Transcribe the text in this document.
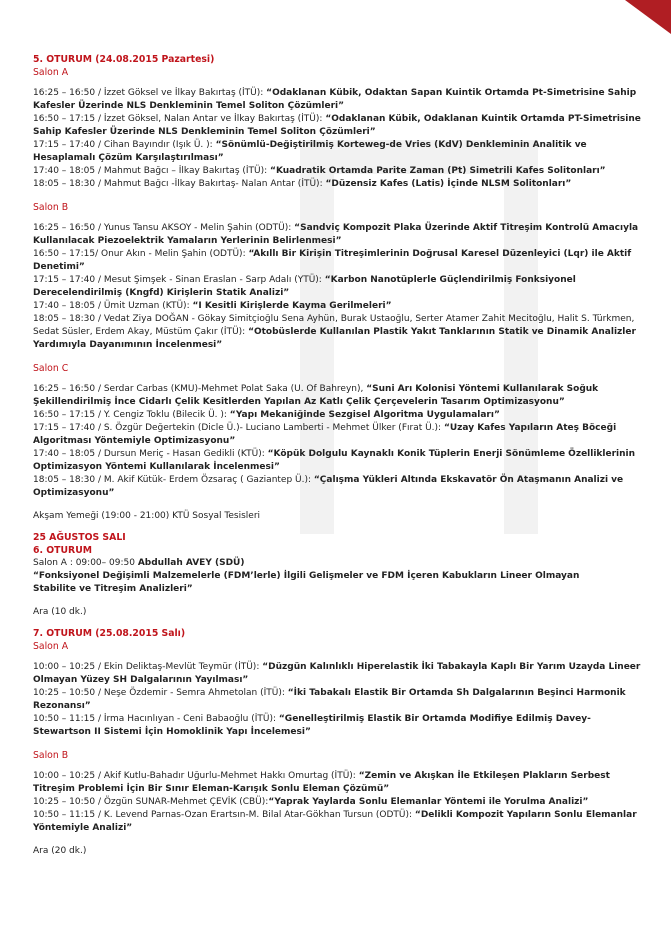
5. OTURUM (24.08.2015 Pazartesi)

Salon A

16:25 – 16:50 / İzzet Göksel ve İlkay Bakırtaş (İTÜ): “Odaklanan Kübik, Odaktan Sapan Kuintik Ortamda Pt-Simetrisine Sahip Kafesler Üzerinde NLS Denkleminin Temel Soliton Çözümleri”

16:50 – 17:15 / İzzet Göksel, Nalan Antar ve İlkay Bakırtaş (İTÜ): “Odaklanan Kübik, Odaklanan Kuintik Ortamda PT-Simetrisine Sahip Kafesler Üzerinde NLS Denkleminin Temel Soliton Çözümleri”

17:15 – 17:40 / Cihan Bayındır (Işık Ü. ): “Sönümlü-Değiştirilmiş Korteweg-de Vries (KdV) Denkleminin Analitik ve Hesaplamalı Çözüm Karşılaştırılması”

17:40 – 18:05 / Mahmut Bağcı – İlkay Bakırtaş (İTÜ): “Kuadratik Ortamda Parite Zaman (Pt) Simetrili Kafes Solitonları”

18:05 – 18:30 / Mahmut Bağcı -İlkay Bakırtaş- Nalan Antar (İTÜ): “Düzensiz Kafes (Latis) İçinde NLSM Solitonları”

Salon B

16:25 – 16:50 / Yunus Tansu AKSOY - Melin Şahin (ODTÜ): “Sandviç Kompozit Plaka Üzerinde Aktif Titreşim Kontrolü Amacıyla Kullanılacak Piezoelektrik Yamaların Yerlerinin Belirlenmesi”

16:50 – 17:15/ Onur Akın - Melin Şahin (ODTÜ): “Akıllı Bir Kirişin Titreşimlerinin Doğrusal Karesel Düzenleyici (Lqr) ile Aktif Denetimi”

17:15 – 17:40 / Mesut Şimşek - Sinan Eraslan - Sarp Adalı (YTÜ): “Karbon Nanotüplerle Güçlendirilmiş Fonksiyonel Derecelendirilmiş (Kngfd) Kirişlerin Statik Analizi”

17:40 – 18:05 / Ümit Uzman (KTÜ): “I Kesitli Kirişlerde Kayma Gerilmeleri”

18:05 – 18:30 / Vedat Ziya DOĞAN - Gökay Simitçioğlu Sena Ayhün, Burak Ustaoğlu, Serter Atamer Zahit Mecitoğlu, Halit S. Türkmen, Sedat Süsler, Erdem Akay, Müstüm Çakır (İTÜ): “Otobüslerde Kullanılan Plastik Yakıt Tanklarının Statik ve Dinamik Analizler Yardımıyla Dayanımının İncelenmesi”

Salon C

16:25 – 16:50 / Serdar Carbas (KMU)-Mehmet Polat Saka (U. Of Bahreyn), “Suni Arı Kolonisi Yöntemi Kullanılarak Soğuk Şekillendirilmiş İnce Cidarlı Çelik Kesitlerden Yapılan Az Katlı Çelik Çerçevelerin Tasarım Optimizasyonu”

16:50 – 17:15 / Y. Cengiz Toklu (Bilecik Ü. ): “Yapı Mekaniğinde Sezgisel Algoritma Uygulamaları”

17:15 – 17:40 / S. Özgür Değertekin (Dicle Ü.)- Luciano Lamberti - Mehmet Ülker (Fırat Ü.): “Uzay Kafes Yapıların Ateş Böceği Algoritması Yöntemiyle Optimizasyonu”

17:40 – 18:05 / Dursun Meriç - Hasan Gedikli (KTÜ): “Köpük Dolgulu Kaynaklı Konik Tüplerin Enerji Sönümleme Özelliklerinin Optimizasyon Yöntemi Kullanılarak İncelenmesi”

18:05 – 18:30 / M. Akif Kütük- Erdem Özsaraç ( Gaziantep Ü.): “Çalışma Yükleri Altında Ekskavatör Ön Ataşmanın Analizi ve Optimizasyonu”

Akşam Yemeği (19:00 - 21:00) KTÜ Sosyal Tesisleri

25 AĞUSTOS SALI

6. OTURUM

Salon A : 09:00– 09:50 Abdullah AVEY (SDÜ)

“Fonksiyonel Değişimli Malzemelerle (FDM’lerle) İlgili Gelişmeler ve FDM İçeren Kabukların Lineer Olmayan

Stabilite ve Titreşim Analizleri”

Ara (10 dk.)

7. OTURUM (25.08.2015 Salı)

Salon A

10:00 – 10:25 / Ekin Deliktaş-Mevlüt Teymür (İTÜ): “Düzgün Kalınlıklı Hiperelastik İki Tabakayla Kaplı Bir Yarım Uzayda Lineer Olmayan Yüzey SH Dalgalarının Yayılması”

10:25 – 10:50 / Neşe Özdemir - Semra Ahmetolan (İTÜ): “İki Tabakalı Elastik Bir Ortamda Sh Dalgalarının Beşinci Harmonik Rezonansı”

10:50 – 11:15 / İrma Hacınlıyan - Ceni Babaoğlu (İTÜ): “Genelleştirilmiş Elastik Bir Ortamda Modifiye Edilmiş Davey-Stewartson II Sistemi İçin Homoklinik Yapı İncelemesi”

Salon B

10:00 – 10:25 / Akif Kutlu-Bahadır Uğurlu-Mehmet Hakkı Omurtag (İTÜ): “Zemin ve Akışkan İle Etkileşen Plakların Serbest Titreşim Problemi İçin Bir Sınır Eleman-Karışık Sonlu Eleman Çözümü”

10:25 – 10:50 / Özgün SUNAR-Mehmet ÇEVİK (CBÜ):“Yaprak Yaylarda Sonlu Elemanlar Yöntemi ile Yorulma Analizi”

10:50 – 11:15 / K. Levend Parnas-Ozan Erartsın-M. Bilal Atar-Gökhan Tursun (ODTÜ): “Delikli Kompozit Yapıların Sonlu Elemanlar Yöntemiyle Analizi”

Ara (20 dk.)
